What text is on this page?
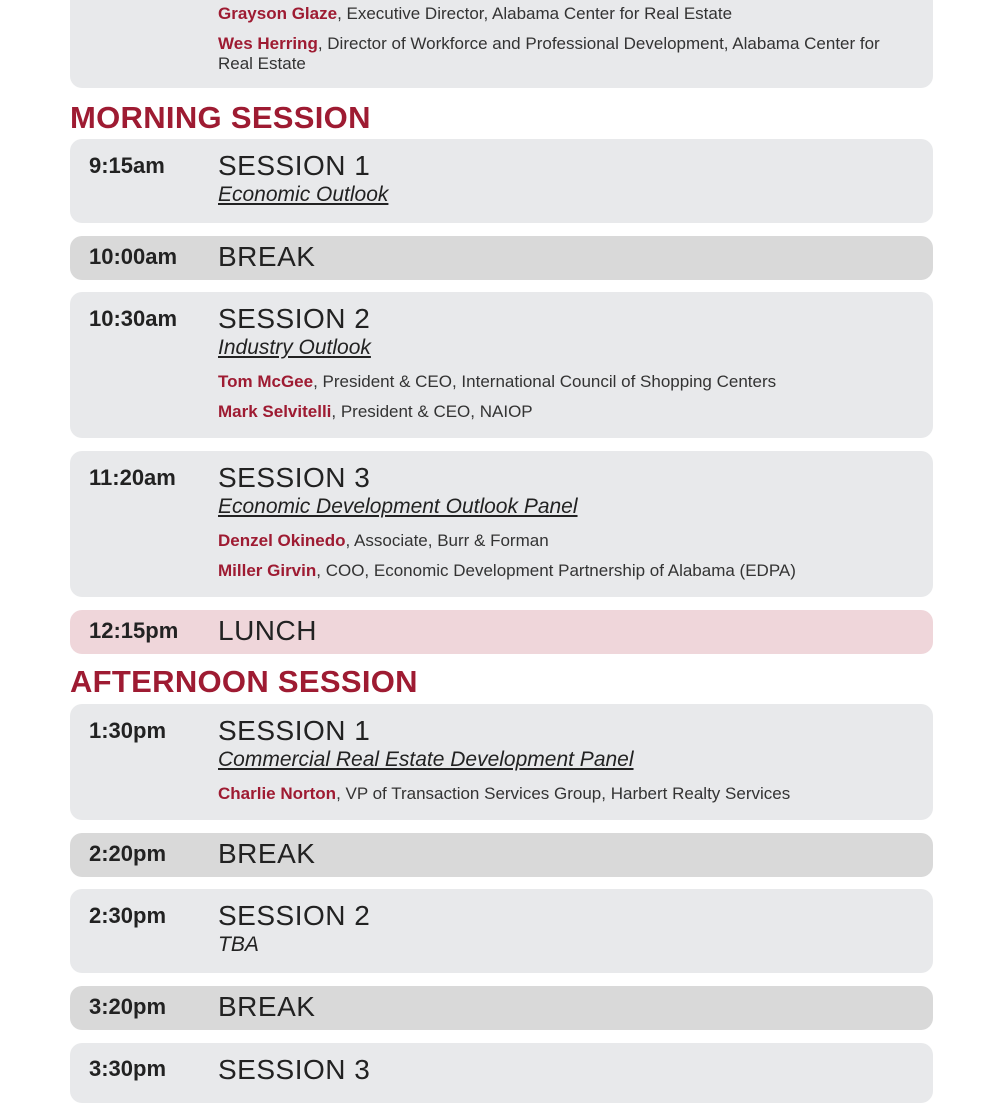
Grayson Glaze, Executive Director, Alabama Center for Real Estate
Wes Herring, Director of Workforce and Professional Development, Alabama Center for Real Estate
MORNING SESSION
9:15am SESSION 1
Economic Outlook
10:00am BREAK
10:30am SESSION 2
Industry Outlook
Tom McGee, President & CEO, International Council of Shopping Centers
Mark Selvitelli, President & CEO, NAIOP
11:20am SESSION 3
Economic Development Outlook Panel
Denzel Okinedo, Associate, Burr & Forman
Miller Girvin, COO, Economic Development Partnership of Alabama (EDPA)
12:15pm LUNCH
AFTERNOON SESSION
1:30pm SESSION 1
Commercial Real Estate Development Panel
Charlie Norton, VP of Transaction Services Group, Harbert Realty Services
2:20pm BREAK
2:30pm SESSION 2
TBA
3:20pm BREAK
3:30pm SESSION 3
